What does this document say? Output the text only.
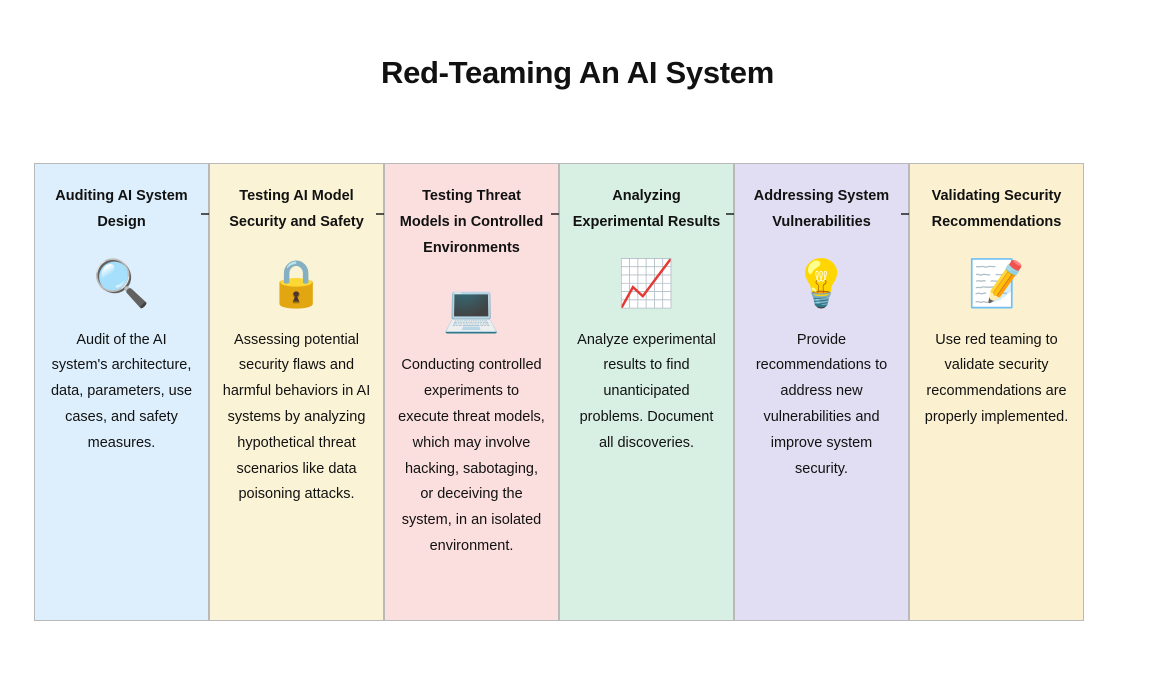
Red-Teaming An AI System
Auditing AI System Design
🔍
Audit of the AI system's architecture, data, parameters, use cases, and safety measures.
Testing AI Model Security and Safety
🔒
Assessing potential security flaws and harmful behaviors in AI systems by analyzing hypothetical threat scenarios like data poisoning attacks.
Testing Threat Models in Controlled Environments
💻
Conducting controlled experiments to execute threat models, which may involve hacking, sabotaging, or deceiving the system, in an isolated environment.
Analyzing Experimental Results
📈
Analyze experimental results to find unanticipated problems. Document all discoveries.
Addressing System Vulnerabilities
💡
Provide recommendations to address new vulnerabilities and improve system security.
Validating Security Recommendations
📝
Use red teaming to validate security recommendations are properly implemented.
